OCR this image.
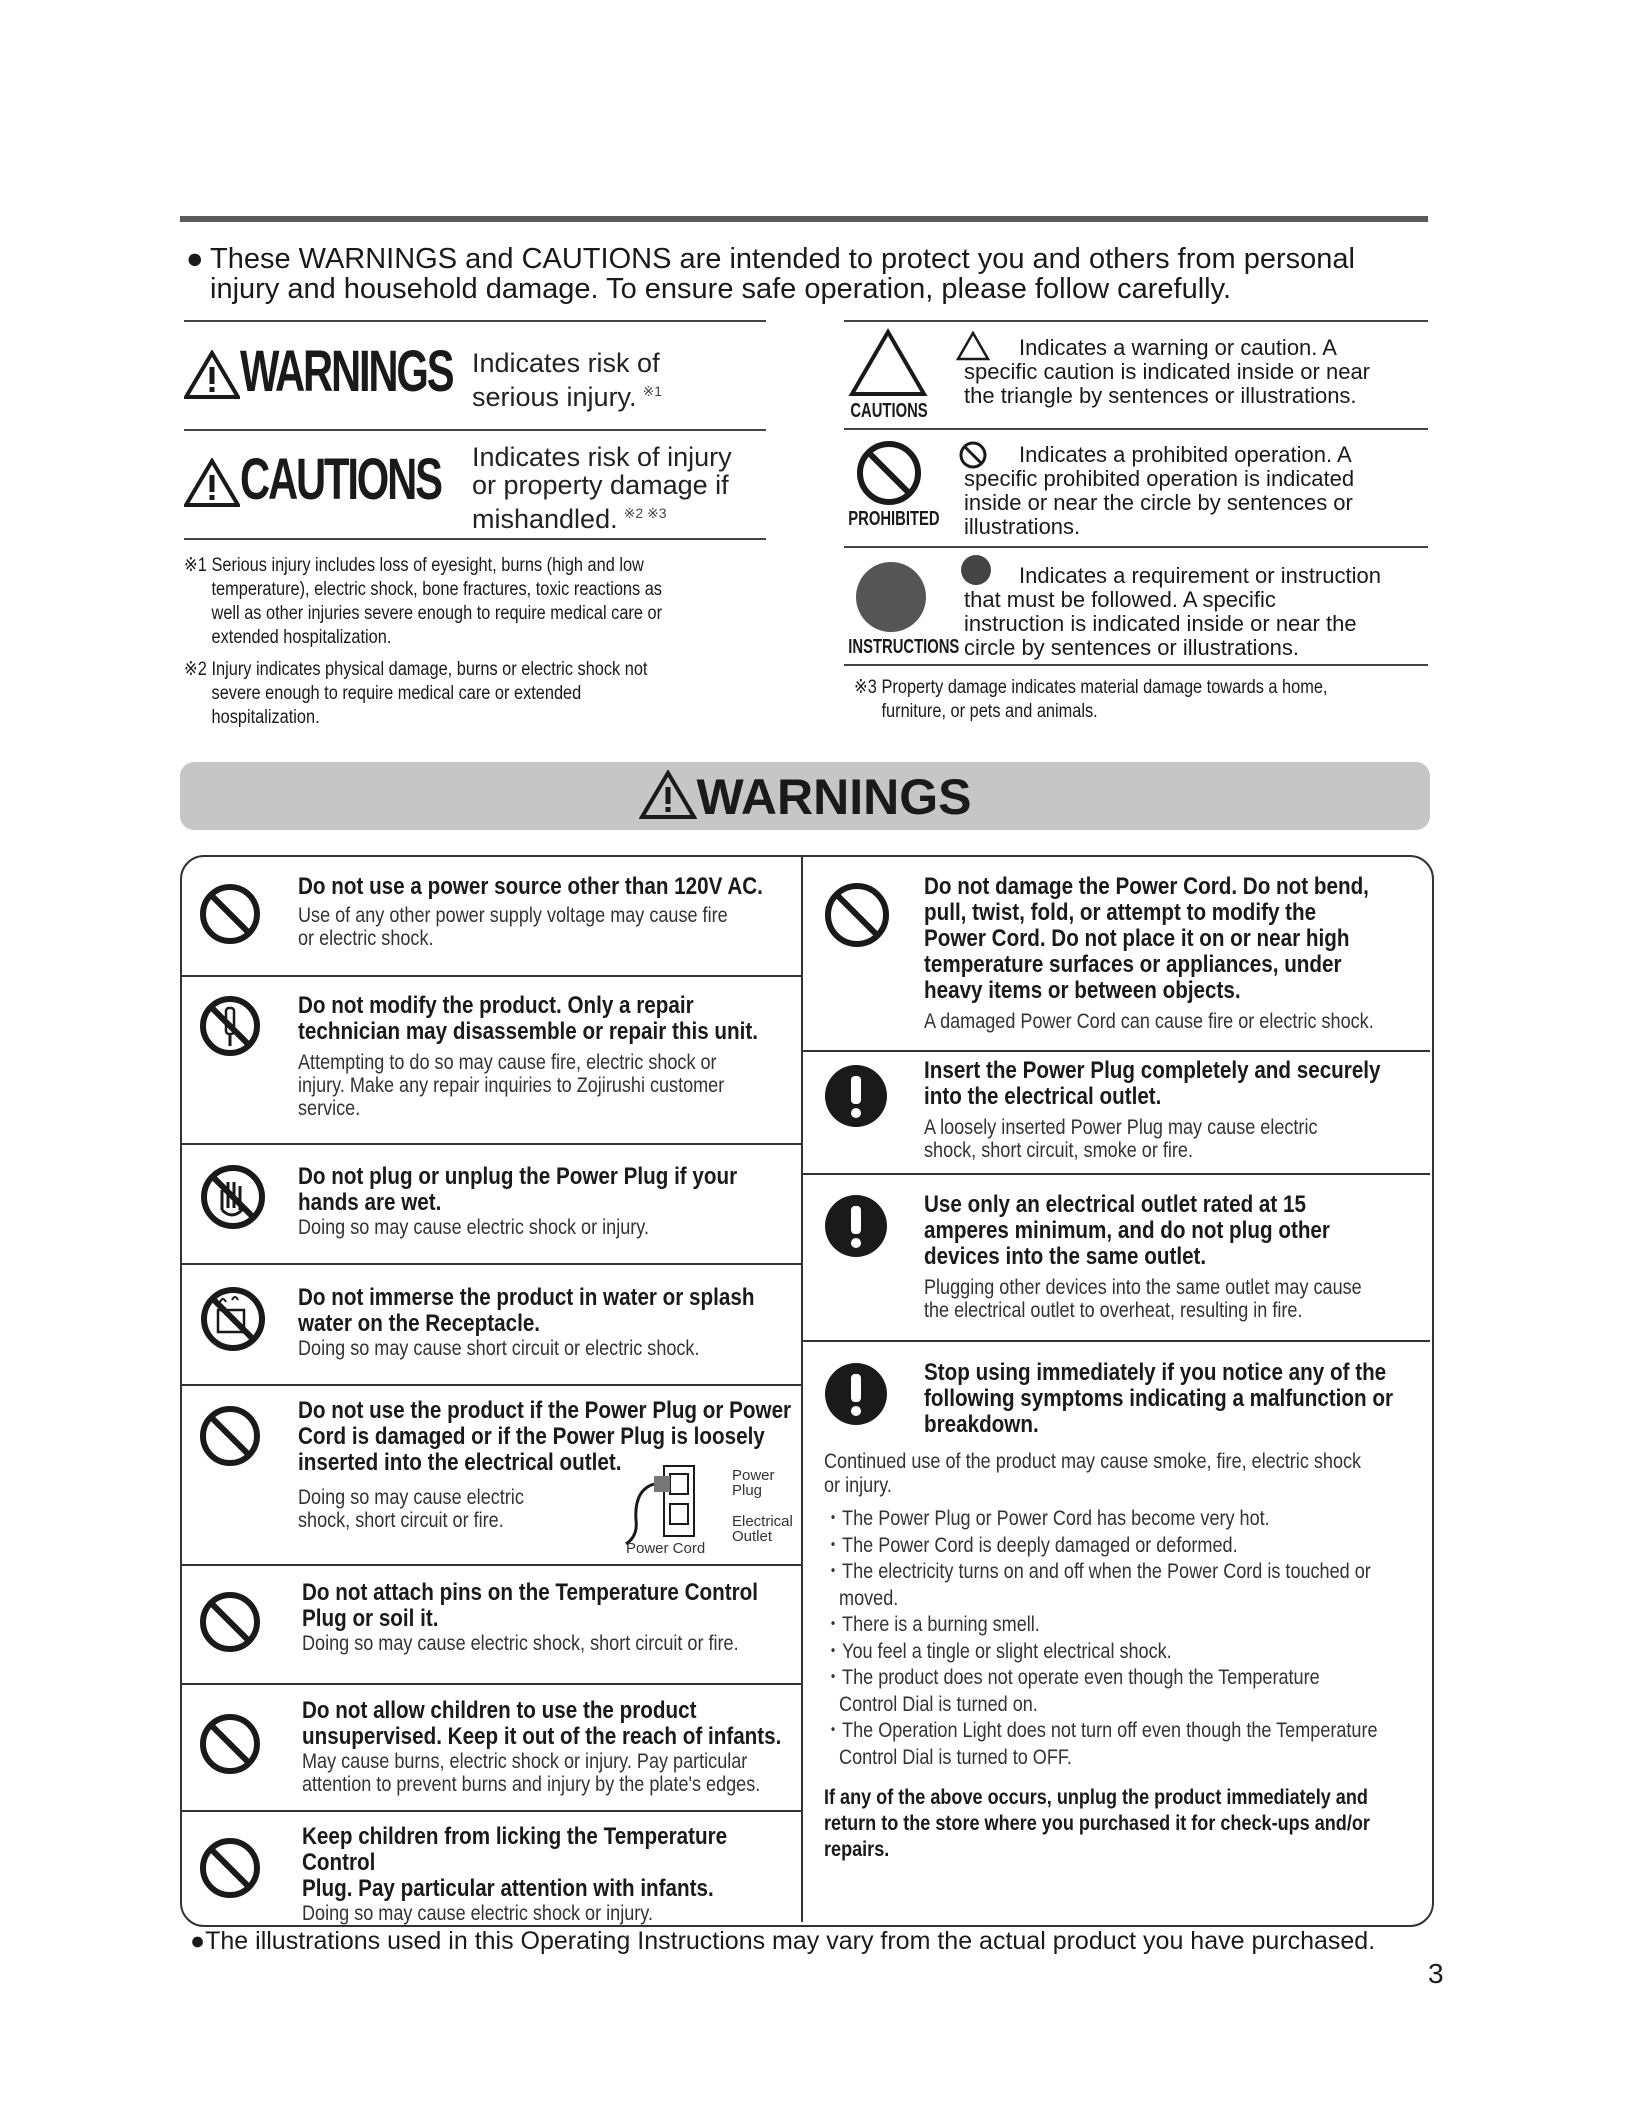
● These WARNINGS and CAUTIONS are intended to protect you and others from personal
injury and household damage. To ensure safe operation, please follow carefully.
WARNINGS Indicates risk of
serious injury. $^{※1}$
CAUTIONS Indicates risk of injury
or property damage if
mishandled. $^{※2 ※3}$
※1 Serious injury includes loss of eyesight, burns (high and low
temperature), electric shock, bone fractures, toxic reactions as
well as other injuries severe enough to require medical care or
extended hospitalization.
※2 Injury indicates physical damage, burns or electric shock not
severe enough to require medical care or extended hospitalization.
CAUTIONS
Indicates a warning or caution. A
specific caution is indicated inside or near
the triangle by sentences or illustrations.
PROHIBITED
Indicates a prohibited operation. A
specific prohibited operation is indicated
inside or near the circle by sentences or
illustrations.
INSTRUCTIONS
Indicates a requirement or instruction
that must be followed. A specific
instruction is indicated inside or near the
circle by sentences or illustrations.
※3 Property damage indicates material damage towards a home,
furniture, or pets and animals.
WARNINGS
Do not use a power source other than 120V AC.
Use of any other power supply voltage may cause fire
or electric shock.
Do not modify the product. Only a repair
technician may disassemble or repair this unit.
Attempting to do so may cause fire, electric shock or
injury. Make any repair inquiries to Zojirushi customer
service.
Do not plug or unplug the Power Plug if your
hands are wet.
Doing so may cause electric shock or injury.
Do not immerse the product in water or splash
water on the Receptacle.
Doing so may cause short circuit or electric shock.
Do not use the product if the Power Plug or Power
Cord is damaged or if the Power Plug is loosely
inserted into the electrical outlet.
Doing so may cause electric
shock, short circuit or fire.
Power
Plug
Electrical
Outlet
Power Cord
Do not attach pins on the Temperature Control
Plug or soil it.
Doing so may cause electric shock, short circuit or fire.
Do not allow children to use the product
unsupervised. Keep it out of the reach of infants.
May cause burns, electric shock or injury. Pay particular
attention to prevent burns and injury by the plate's edges.
Keep children from licking the Temperature Control
Plug. Pay particular attention with infants.
Doing so may cause electric shock or injury.
Do not damage the Power Cord. Do not bend,
pull, twist, fold, or attempt to modify the
Power Cord. Do not place it on or near high
temperature surfaces or appliances, under
heavy items or between objects.
A damaged Power Cord can cause fire or electric shock.
Insert the Power Plug completely and securely
into the electrical outlet.
A loosely inserted Power Plug may cause electric
shock, short circuit, smoke or fire.
Use only an electrical outlet rated at 15
amperes minimum, and do not plug other
devices into the same outlet.
Plugging other devices into the same outlet may cause
the electrical outlet to overheat, resulting in fire.
Stop using immediately if you notice any of the
following symptoms indicating a malfunction or
breakdown.
Continued use of the product may cause smoke, fire, electric shock
or injury.
・The Power Plug or Power Cord has become very hot.
・The Power Cord is deeply damaged or deformed.
・The electricity turns on and off when the Power Cord is touched or
moved.
・There is a burning smell.
・You feel a tingle or slight electrical shock.
・The product does not operate even though the Temperature
Control Dial is turned on.
・The Operation Light does not turn off even though the Temperature
Control Dial is turned to OFF.
If any of the above occurs, unplug the product immediately and
return to the store where you purchased it for check-ups and/or
repairs.
●The illustrations used in this Operating Instructions may vary from the actual product you have purchased.
3
